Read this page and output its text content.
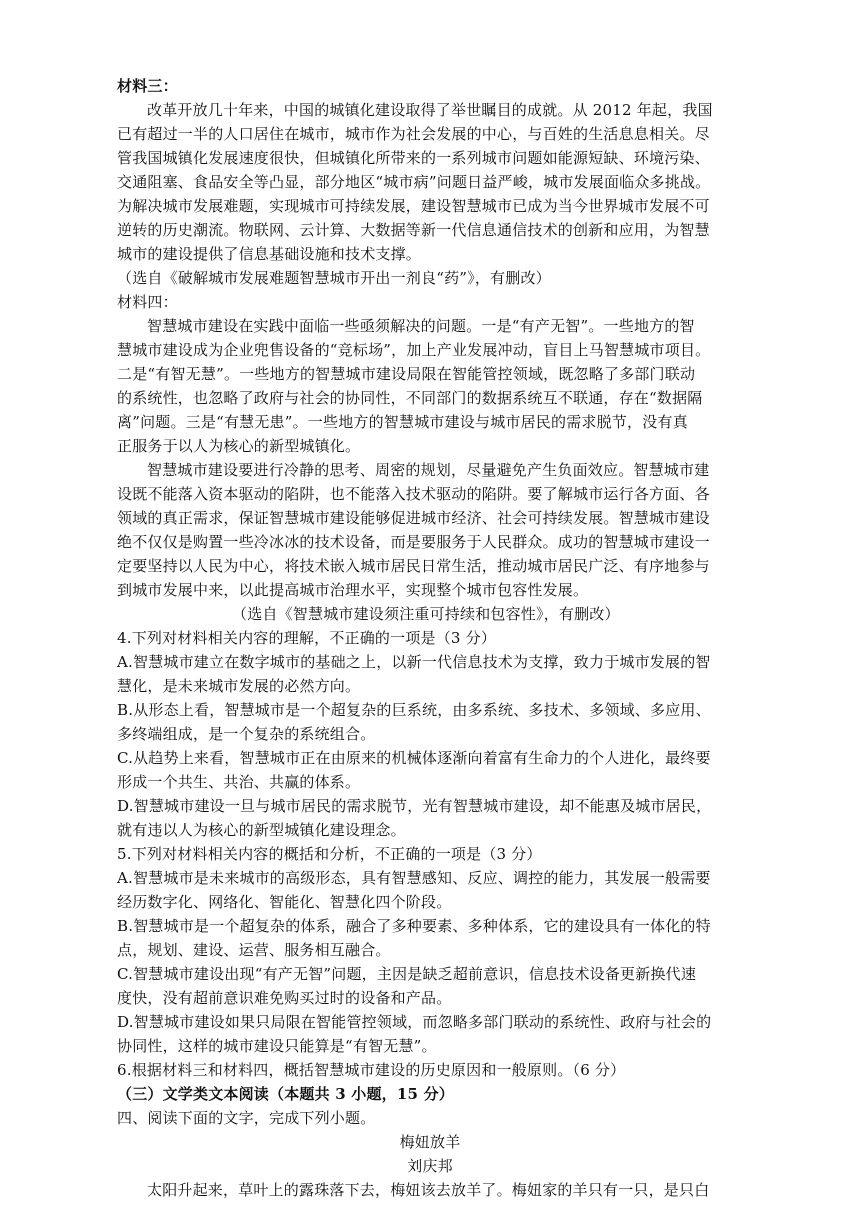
材料三：
改革开放几十年来，中国的城镇化建设取得了举世瞩目的成就。从 2012 年起，我国
已有超过一半的人口居住在城市，城市作为社会发展的中心，与百姓的生活息息相关。尽
管我国城镇化发展速度很快，但城镇化所带来的一系列城市问题如能源短缺、环境污染、
交通阻塞、食品安全等凸显，部分地区“城市病”问题日益严峻，城市发展面临众多挑战。
为解决城市发展难题，实现城市可持续发展，建设智慧城市已成为当今世界城市发展不可
逆转的历史潮流。物联网、云计算、大数据等新一代信息通信技术的创新和应用，为智慧
城市的建设提供了信息基础设施和技术支撑。
（选自《破解城市发展难题智慧城市开出一剂良“药”》，有删改）
材料四：
智慧城市建设在实践中面临一些亟须解决的问题。一是“有产无智”。一些地方的智
慧城市建设成为企业兜售设备的“竞标场”，加上产业发展冲动，盲目上马智慧城市项目。
二是“有智无慧”。一些地方的智慧城市建设局限在智能管控领域，既忽略了多部门联动
的系统性，也忽略了政府与社会的协同性，不同部门的数据系统互不联通，存在“数据隔
离”问题。三是“有慧无患”。一些地方的智慧城市建设与城市居民的需求脱节，没有真
正服务于以人为核心的新型城镇化。
智慧城市建设要进行冷静的思考、周密的规划，尽量避免产生负面效应。智慧城市建
设既不能落入资本驱动的陷阱，也不能落入技术驱动的陷阱。要了解城市运行各方面、各
领域的真正需求，保证智慧城市建设能够促进城市经济、社会可持续发展。智慧城市建设
绝不仅仅是购置一些冷冰冰的技术设备，而是要服务于人民群众。成功的智慧城市建设一
定要坚持以人民为中心，将技术嵌入城市居民日常生活，推动城市居民广泛、有序地参与
到城市发展中来，以此提高城市治理水平，实现整个城市包容性发展。
（选自《智慧城市建设须注重可持续和包容性》，有删改）
4.下列对材料相关内容的理解，不正确的一项是（3 分）
A.智慧城市建立在数字城市的基础之上，以新一代信息技术为支撑，致力于城市发展的智
慧化，是未来城市发展的必然方向。
B.从形态上看，智慧城市是一个超复杂的巨系统，由多系统、多技术、多领域、多应用、
多终端组成，是一个复杂的系统组合。
C.从趋势上来看，智慧城市正在由原来的机械体逐渐向着富有生命力的个人进化，最终要
形成一个共生、共治、共赢的体系。
D.智慧城市建设一旦与城市居民的需求脱节，光有智慧城市建设，却不能惠及城市居民，
就有违以人为核心的新型城镇化建设理念。
5.下列对材料相关内容的概括和分析，不正确的一项是（3 分）
A.智慧城市是未来城市的高级形态，具有智慧感知、反应、调控的能力，其发展一般需要
经历数字化、网络化、智能化、智慧化四个阶段。
B.智慧城市是一个超复杂的体系，融合了多种要素、多种体系，它的建设具有一体化的特
点，规划、建设、运营、服务相互融合。
C.智慧城市建设出现“有产无智”问题，主因是缺乏超前意识，信息技术设备更新换代速
度快，没有超前意识难免购买过时的设备和产品。
D.智慧城市建设如果只局限在智能管控领域，而忽略多部门联动的系统性、政府与社会的
协同性，这样的城市建设只能算是“有智无慧”。
6.根据材料三和材料四，概括智慧城市建设的历史原因和一般原则。（6 分）
（三）文学类文本阅读（本题共 3 小题，15 分）
四、阅读下面的文字，完成下列小题。
梅妞放羊
刘庆邦
太阳升起来，草叶上的露珠落下去，梅妞该去放羊了。梅妞家的羊只有一只，是只白
